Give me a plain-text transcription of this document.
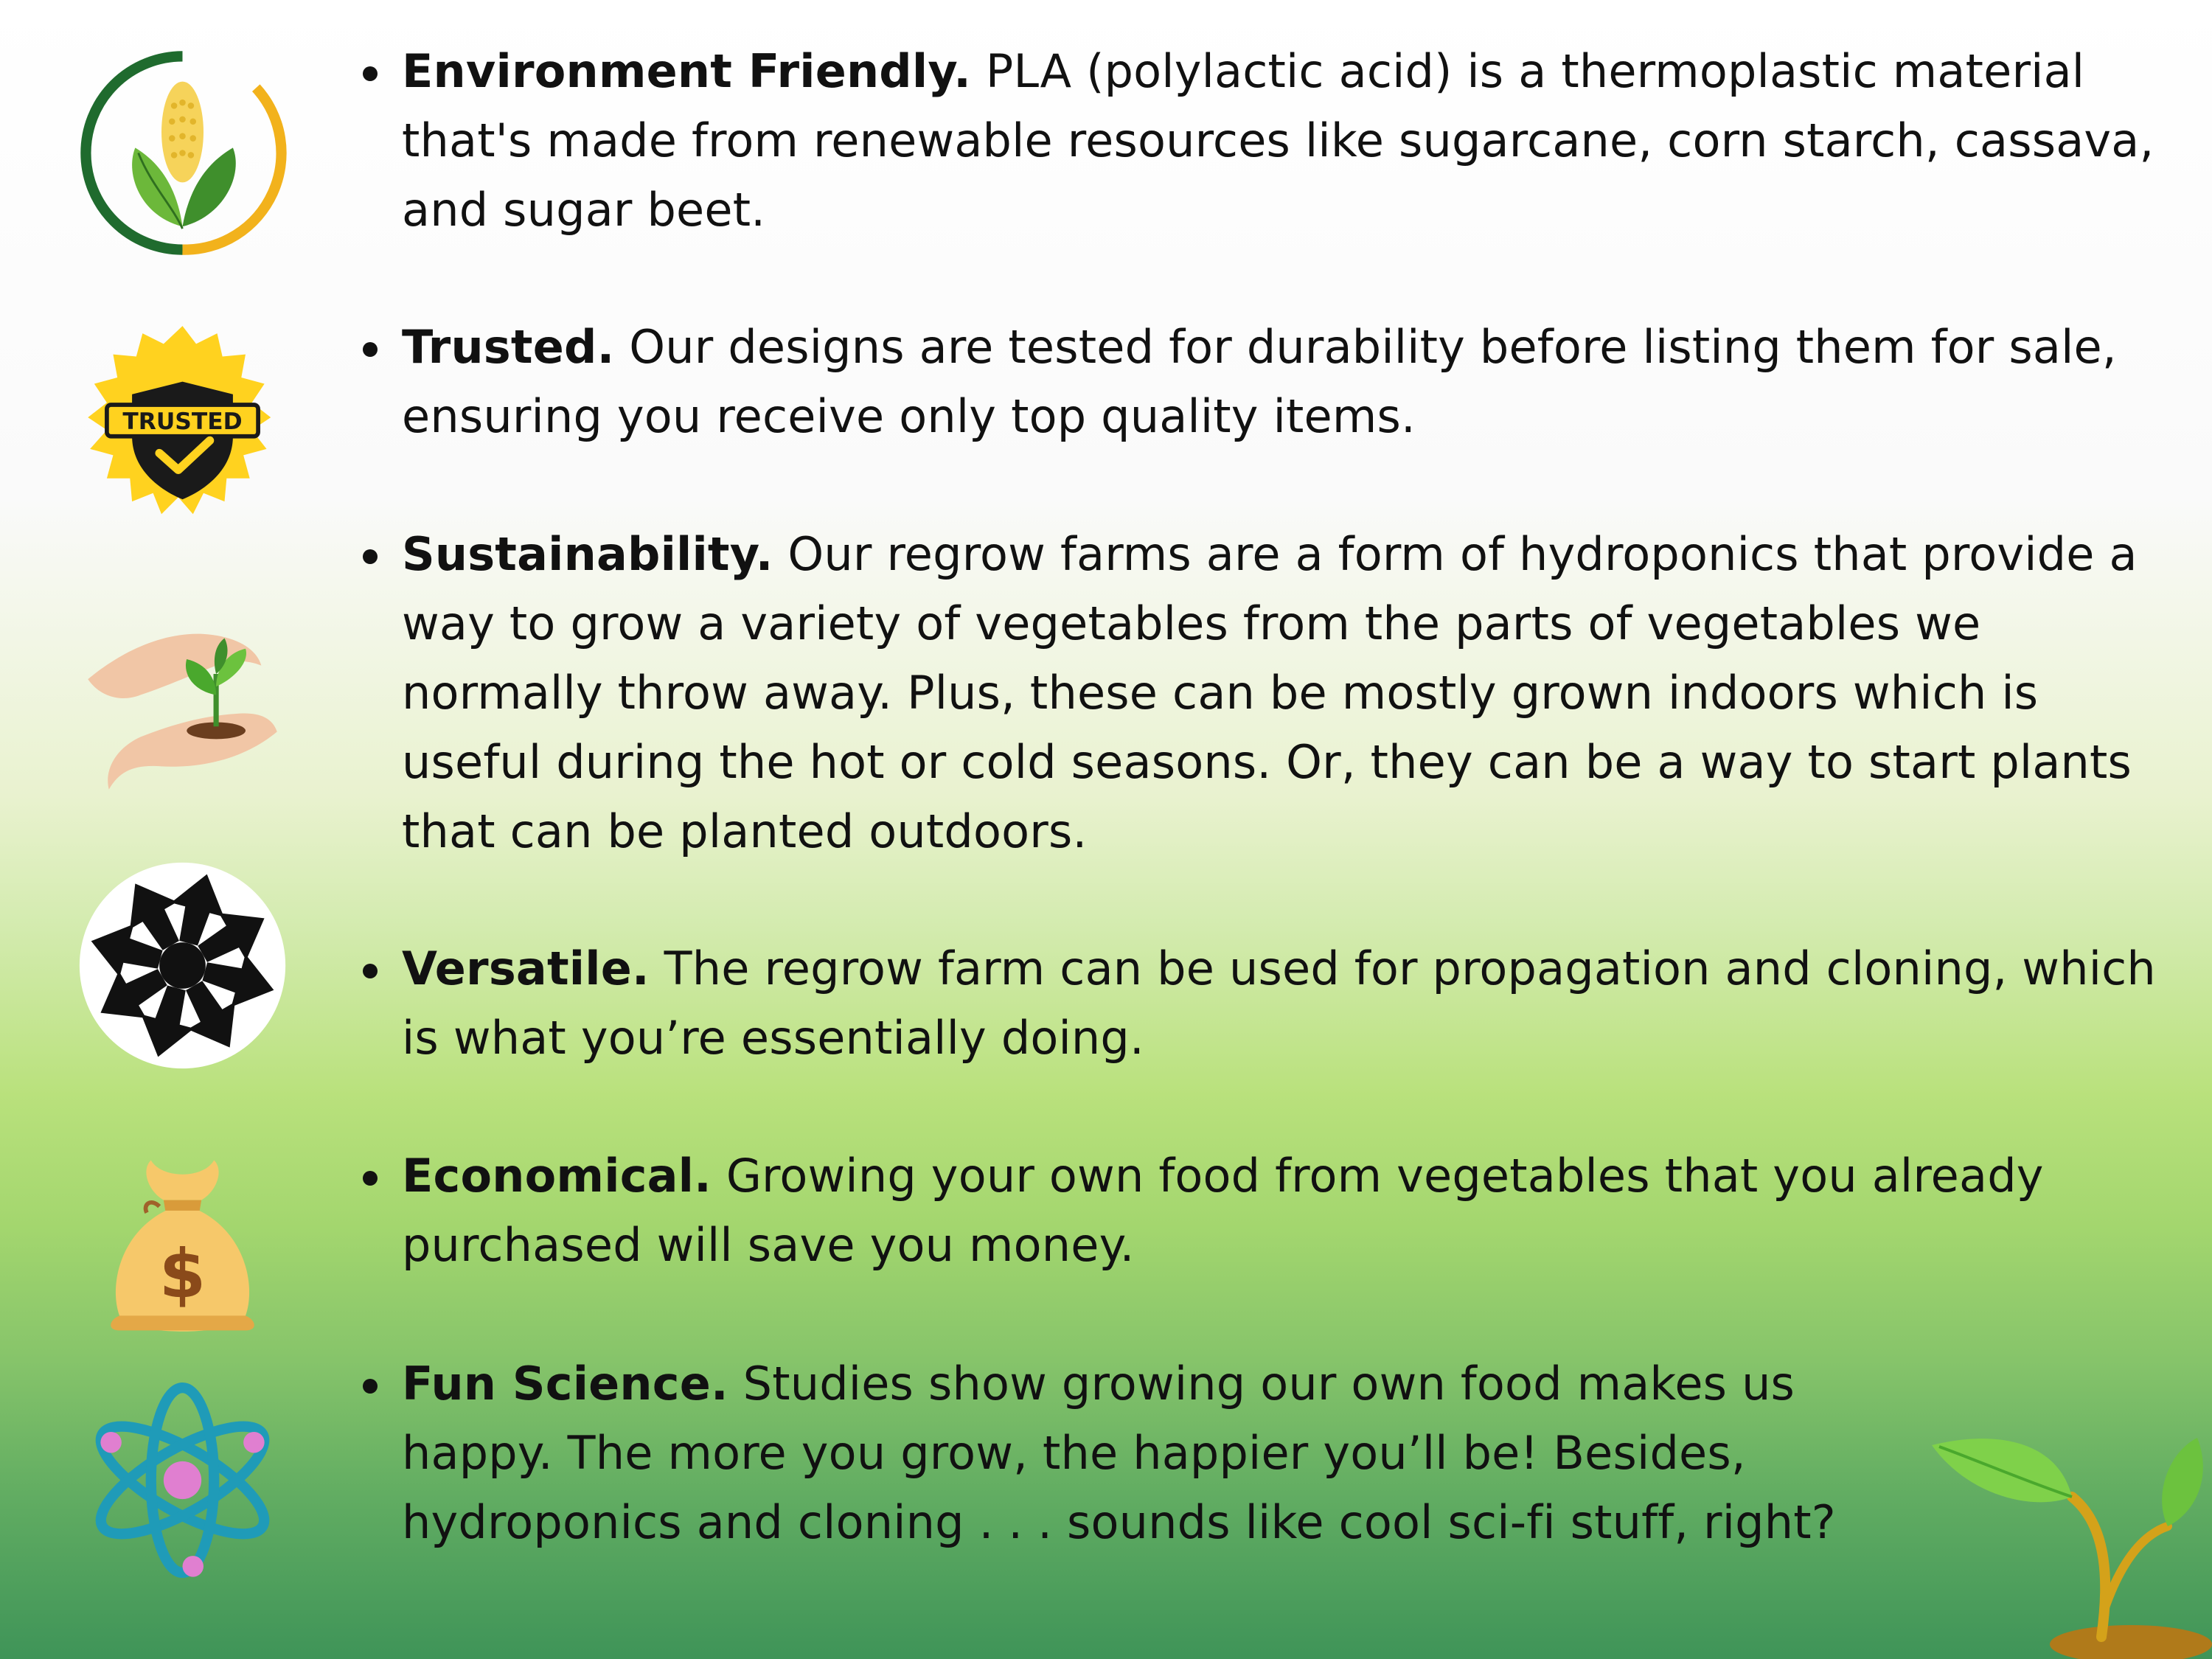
TRUSTED
$

Environment Friendly. PLA (polylactic acid) is a thermoplastic material that's made from renewable resources like sugarcane, corn starch, cassava, and sugar beet.

Trusted. Our designs are tested for durability before listing them for sale, ensuring you receive only top quality items.

Sustainability. Our regrow farms are a form of hydroponics that provide a way to grow a variety of vegetables from the parts of vegetables we normally throw away. Plus, these can be mostly grown indoors which is useful during the hot or cold seasons. Or, they can be a way to start plants that can be planted outdoors.

Versatile. The regrow farm can be used for propagation and cloning, which is what you’re essentially doing.

Economical. Growing your own food from vegetables that you already purchased will save you money.

Fun Science. Studies show growing our own food makes us happy. The more you grow, the happier you’ll be! Besides, hydroponics and cloning . . . sounds like cool sci-fi stuff, right?
